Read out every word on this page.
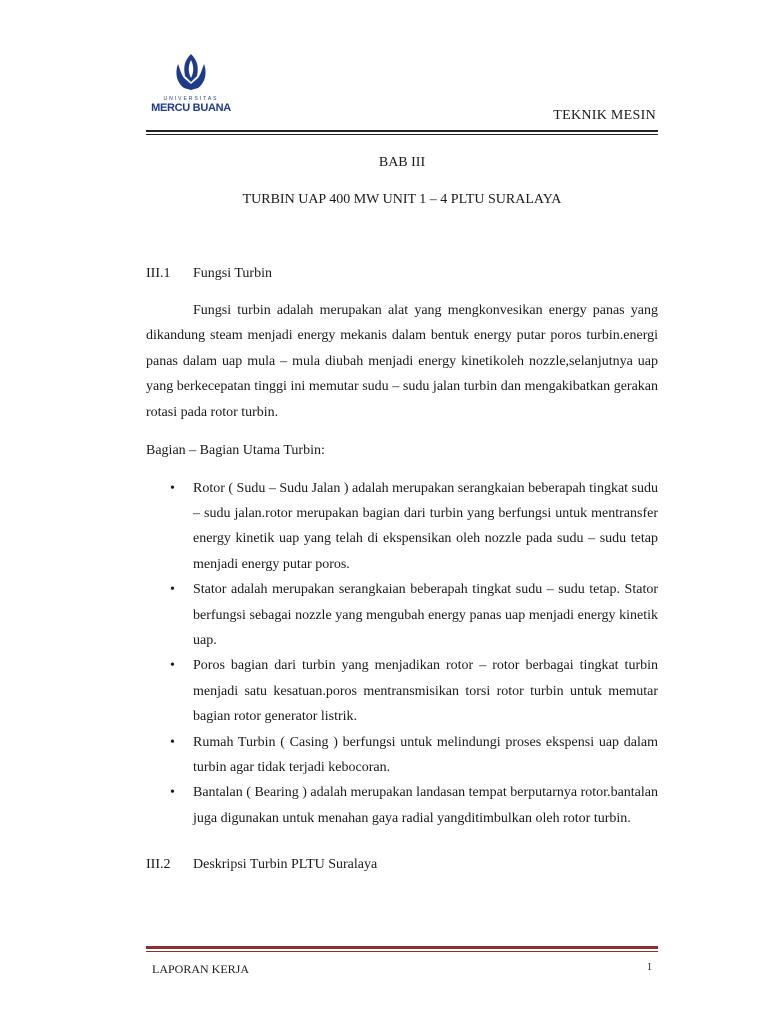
UNIVERSITAS
MERCU BUANA	TEKNIK MESIN
BAB III
TURBIN UAP 400 MW UNIT 1 – 4 PLTU SURALAYA
III.1 Fungsi Turbin

Fungsi turbin adalah merupakan alat yang mengkonvesikan energy panas yang dikandung steam menjadi energy mekanis dalam bentuk energy putar poros turbin.energi panas dalam uap mula – mula diubah menjadi energy kinetikoleh nozzle,selanjutnya uap yang berkecepatan tinggi ini memutar sudu – sudu jalan turbin dan mengakibatkan gerakan rotasi pada rotor turbin.

Bagian – Bagian Utama Turbin:
• Rotor ( Sudu – Sudu Jalan ) adalah merupakan serangkaian beberapah tingkat sudu – sudu jalan.rotor merupakan bagian dari turbin yang berfungsi untuk mentransfer energy kinetik uap yang telah di ekspensikan oleh nozzle pada sudu – sudu tetap menjadi energy putar poros.
• Stator adalah merupakan serangkaian beberapah tingkat sudu – sudu tetap. Stator berfungsi sebagai nozzle yang mengubah energy panas uap menjadi energy kinetik uap.
• Poros bagian dari turbin yang menjadikan rotor – rotor berbagai tingkat turbin menjadi satu kesatuan.poros mentransmisikan torsi rotor turbin untuk memutar bagian rotor generator listrik.
• Rumah Turbin ( Casing ) berfungsi untuk melindungi proses ekspensi uap dalam turbin agar tidak terjadi kebocoran.
• Bantalan ( Bearing ) adalah merupakan landasan tempat berputarnya rotor.bantalan juga digunakan untuk menahan gaya radial yangditimbulkan oleh rotor turbin.
III.2 Deskripsi Turbin PLTU Suralaya
LAPORAN KERJA	1
